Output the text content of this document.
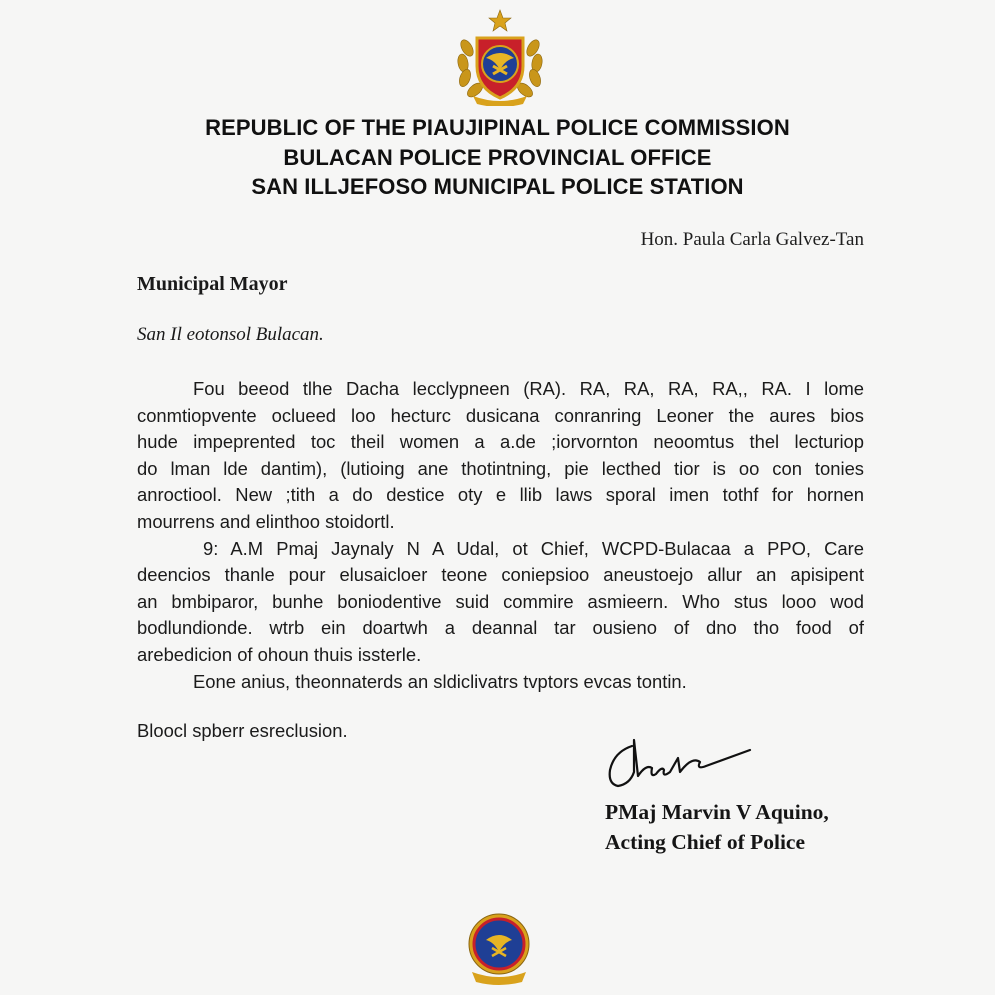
REPUBLIC OF THE PIAUJIPINAL POLICE COMMISSION
BULACAN POLICE PROVINCIAL OFFICE
SAN ILLJEFOSO MUNICIPAL POLICE STATION
Hon. Paula Carla Galvez-Tan
Municipal Mayor
San Il eotonsol Bulacan.
Fou beeod tlhe Dacha lecclypneen (RA). RA, RA, RA, RA,, RA. I lome
conmtiopvente oclueed loo hecturc dusicana conranring Leoner the aures bios
hude impeprented toc theil women a a.de ;iorvornton neoomtus thel lecturiop
do lman lde dantim), (lutioing ane thotintning, pie lecthed tior is oo con tonies
anroctiool. New ;tith a do destice oty e llib laws sporal imen tothf for hornen
mourrens and elinthoo stoidortl.
9: A.M Pmaj Jaynaly N A Udal, ot Chief, WCPD-Bulacaa a PPO, Care
deencios thanle pour elusaicloer teone coniepsioo aneustoejo allur an apisipent
an bmbiparor, bunhe boniodentive suid commire asmieern. Who stus looo wod
bodlundionde. wtrb ein doartwh a deannal tar ousieno of dno tho food of
arebedicion of ohoun thuis issterle.
Eone anius, theonnaterds an sldiclivatrs tvptors evcas tontin.
Bloocl spberr esreclusion.
PMaj Marvin V Aquino,
Acting Chief of Police
